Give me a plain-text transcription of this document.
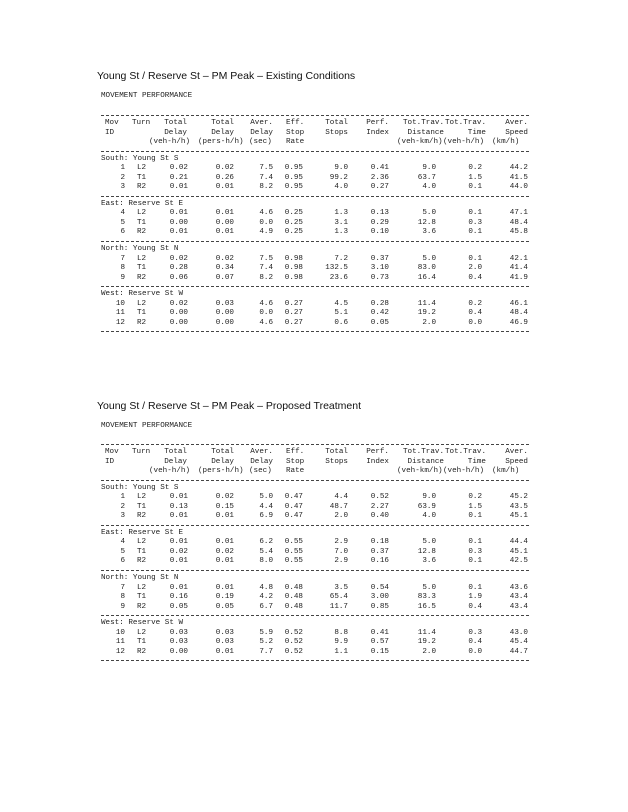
Young St / Reserve St – PM Peak – Existing Conditions
MOVEMENT PERFORMANCE
Mov Turn Total	Total Aver. Eff.	Total Perf. Tot.Trav. Tot.Trav.	Aver.
ID	Delay	Delay Delay Stop	Stops Index Distance	Time	Speed
(veh-h/h) (pers-h/h) (sec) Rate	(veh-km/h) (veh-h/h) (km/h)
South: Young St S
1 L2	0.02	0.02	7.5 0.95	9.0	0.41	9.0	0.2	44.2
2 T1	0.21	0.26	7.4 0.95	99.2	2.36	63.7	1.5	41.5
3 R2	0.01	0.01	8.2 0.95	4.0	0.27	4.0	0.1	44.0
East: Reserve St E
4 L2	0.01	0.01	4.6 0.25	1.3	0.13	5.0	0.1	47.1
5 T1	0.00	0.00	0.0 0.25	3.1	0.29	12.8	0.3	48.4
6 R2	0.01	0.01	4.9 0.25	1.3	0.10	3.6	0.1	45.8
North: Young St N
7 L2	0.02	0.02	7.5 0.98	7.2	0.37	5.0	0.1	42.1
8 T1	0.28	0.34	7.4 0.98	132.5	3.10	83.0	2.0	41.4
9 R2	0.06	0.07	8.2 0.98	23.6	0.73	16.4	0.4	41.9
West: Reserve St W
10 L2	0.02	0.03	4.6 0.27	4.5	0.28	11.4	0.2	46.1
11 T1	0.00	0.00	0.0 0.27	5.1	0.42	19.2	0.4	48.4
12 R2	0.00	0.00	4.6 0.27	0.6	0.05	2.0	0.0	46.9
Young St / Reserve St – PM Peak – Proposed Treatment
MOVEMENT PERFORMANCE
Mov Turn Total	Total Aver. Eff.	Total Perf. Tot.Trav. Tot.Trav.	Aver.
ID	Delay	Delay Delay Stop	Stops Index Distance	Time	Speed
(veh-h/h) (pers-h/h) (sec) Rate	(veh-km/h) (veh-h/h) (km/h)
South: Young St S
1 L2	0.01	0.02	5.0 0.47	4.4	0.52	9.0	0.2	45.2
2 T1	0.13	0.15	4.4 0.47	48.7	2.27	63.9	1.5	43.5
3 R2	0.01	0.01	6.9 0.47	2.0	0.40	4.0	0.1	45.1
East: Reserve St E
4 L2	0.01	0.01	6.2 0.55	2.9	0.18	5.0	0.1	44.4
5 T1	0.02	0.02	5.4 0.55	7.0	0.37	12.8	0.3	45.1
6 R2	0.01	0.01	8.0 0.55	2.9	0.16	3.6	0.1	42.5
North: Young St N
7 L2	0.01	0.01	4.8 0.48	3.5	0.54	5.0	0.1	43.6
8 T1	0.16	0.19	4.2 0.48	65.4	3.00	83.3	1.9	43.4
9 R2	0.05	0.05	6.7 0.48	11.7	0.85	16.5	0.4	43.4
West: Reserve St W
10 L2	0.03	0.03	5.9 0.52	8.8	0.41	11.4	0.3	43.0
11 T1	0.03	0.03	5.2 0.52	9.9	0.57	19.2	0.4	45.4
12 R2	0.00	0.01	7.7 0.52	1.1	0.15	2.0	0.0	44.7
